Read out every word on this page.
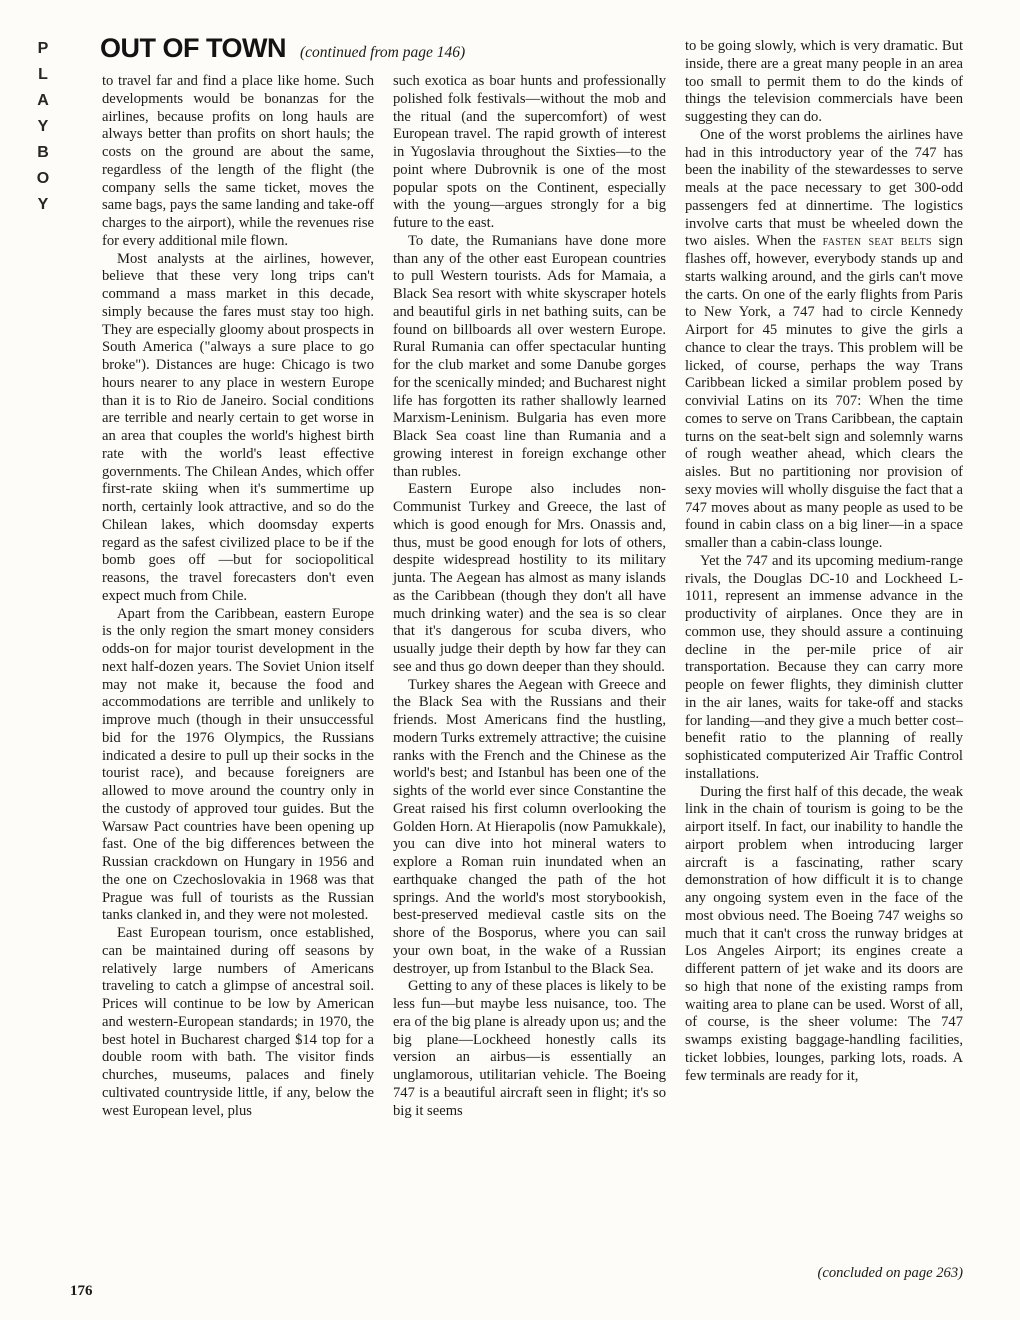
P
L
A
Y
B
O
Y
OUT OF TOWN (continued from page 146)

to travel far and find a place like home. Such developments would be bonanzas for the airlines, because profits on long hauls are always better than profits on short hauls; the costs on the ground are about the same, regardless of the length of the flight (the company sells the same ticket, moves the same bags, pays the same landing and take-off charges to the airport), while the revenues rise for every additional mile flown.

Most analysts at the airlines, however, believe that these very long trips can't command a mass market in this decade, simply because the fares must stay too high. They are especially gloomy about prospects in South America ("always a sure place to go broke"). Distances are huge: Chicago is two hours nearer to any place in western Europe than it is to Rio de Janeiro. Social conditions are terrible and nearly certain to get worse in an area that couples the world's highest birth rate with the world's least effective governments. The Chilean Andes, which offer first-rate skiing when it's summertime up north, certainly look attractive, and so do the Chilean lakes, which doomsday experts regard as the safest civilized place to be if the bomb goes off —but for sociopolitical reasons, the travel forecasters don't even expect much from Chile.

Apart from the Caribbean, eastern Europe is the only region the smart money considers odds-on for major tourist development in the next half-dozen years. The Soviet Union itself may not make it, because the food and accommodations are terrible and unlikely to improve much (though in their unsuccessful bid for the 1976 Olympics, the Russians indicated a desire to pull up their socks in the tourist race), and because foreigners are allowed to move around the country only in the custody of approved tour guides. But the Warsaw Pact countries have been opening up fast. One of the big differences between the Russian crackdown on Hungary in 1956 and the one on Czechoslovakia in 1968 was that Prague was full of tourists as the Russian tanks clanked in, and they were not molested.

East European tourism, once established, can be maintained during off seasons by relatively large numbers of Americans traveling to catch a glimpse of ancestral soil. Prices will continue to be low by American and western-European standards; in 1970, the best hotel in Bucharest charged $14 top for a double room with bath. The visitor finds churches, museums, palaces and finely cultivated countryside little, if any, below the west European level, plus

such exotica as boar hunts and professionally polished folk festivals—without the mob and the ritual (and the supercomfort) of west European travel. The rapid growth of interest in Yugoslavia throughout the Sixties—to the point where Dubrovnik is one of the most popular spots on the Continent, especially with the young—argues strongly for a big future to the east.

To date, the Rumanians have done more than any of the other east European countries to pull Western tourists. Ads for Mamaia, a Black Sea resort with white skyscraper hotels and beautiful girls in net bathing suits, can be found on billboards all over western Europe. Rural Rumania can offer spectacular hunting for the club market and some Danube gorges for the scenically minded; and Bucharest night life has forgotten its rather shallowly learned Marxism-Leninism. Bulgaria has even more Black Sea coast line than Rumania and a growing interest in foreign exchange other than rubles.

Eastern Europe also includes non-Communist Turkey and Greece, the last of which is good enough for Mrs. Onassis and, thus, must be good enough for lots of others, despite widespread hostility to its military junta. The Aegean has almost as many islands as the Caribbean (though they don't all have much drinking water) and the sea is so clear that it's dangerous for scuba divers, who usually judge their depth by how far they can see and thus go down deeper than they should.

Turkey shares the Aegean with Greece and the Black Sea with the Russians and their friends. Most Americans find the hustling, modern Turks extremely attractive; the cuisine ranks with the French and the Chinese as the world's best; and Istanbul has been one of the sights of the world ever since Constantine the Great raised his first column overlooking the Golden Horn. At Hierapolis (now Pamukkale), you can dive into hot mineral waters to explore a Roman ruin inundated when an earthquake changed the path of the hot springs. And the world's most storybookish, best-preserved medieval castle sits on the shore of the Bosporus, where you can sail your own boat, in the wake of a Russian destroyer, up from Istanbul to the Black Sea.

Getting to any of these places is likely to be less fun—but maybe less nuisance, too. The era of the big plane is already upon us; and the big plane—Lockheed honestly calls its version an airbus—is essentially an unglamorous, utilitarian vehicle. The Boeing 747 is a beautiful aircraft seen in flight; it's so big it seems

to be going slowly, which is very dramatic. But inside, there are a great many people in an area too small to permit them to do the kinds of things the television commercials have been suggesting they can do.

One of the worst problems the airlines have had in this introductory year of the 747 has been the inability of the stewardesses to serve meals at the pace necessary to get 300-odd passengers fed at dinnertime. The logistics involve carts that must be wheeled down the two aisles. When the fasten seat belts sign flashes off, however, everybody stands up and starts walking around, and the girls can't move the carts. On one of the early flights from Paris to New York, a 747 had to circle Kennedy Airport for 45 minutes to give the girls a chance to clear the trays. This problem will be licked, of course, perhaps the way Trans Caribbean licked a similar problem posed by convivial Latins on its 707: When the time comes to serve on Trans Caribbean, the captain turns on the seat-belt sign and solemnly warns of rough weather ahead, which clears the aisles. But no partitioning nor provision of sexy movies will wholly disguise the fact that a 747 moves about as many people as used to be found in cabin class on a big liner—in a space smaller than a cabin-class lounge.

Yet the 747 and its upcoming medium-range rivals, the Douglas DC-10 and Lockheed L-1011, represent an immense advance in the productivity of airplanes. Once they are in common use, they should assure a continuing decline in the per-mile price of air transportation. Because they can carry more people on fewer flights, they diminish clutter in the air lanes, waits for take-off and stacks for landing—and they give a much better cost–benefit ratio to the planning of really sophisticated computerized Air Traffic Control installations.

During the first half of this decade, the weak link in the chain of tourism is going to be the airport itself. In fact, our inability to handle the airport problem when introducing larger aircraft is a fascinating, rather scary demonstration of how difficult it is to change any ongoing system even in the face of the most obvious need. The Boeing 747 weighs so much that it can't cross the runway bridges at Los Angeles Airport; its engines create a different pattern of jet wake and its doors are so high that none of the existing ramps from waiting area to plane can be used. Worst of all, of course, is the sheer volume: The 747 swamps existing baggage-handling facilities, ticket lobbies, lounges, parking lots, roads. A few terminals are ready for it,

(concluded on page 263)
176
